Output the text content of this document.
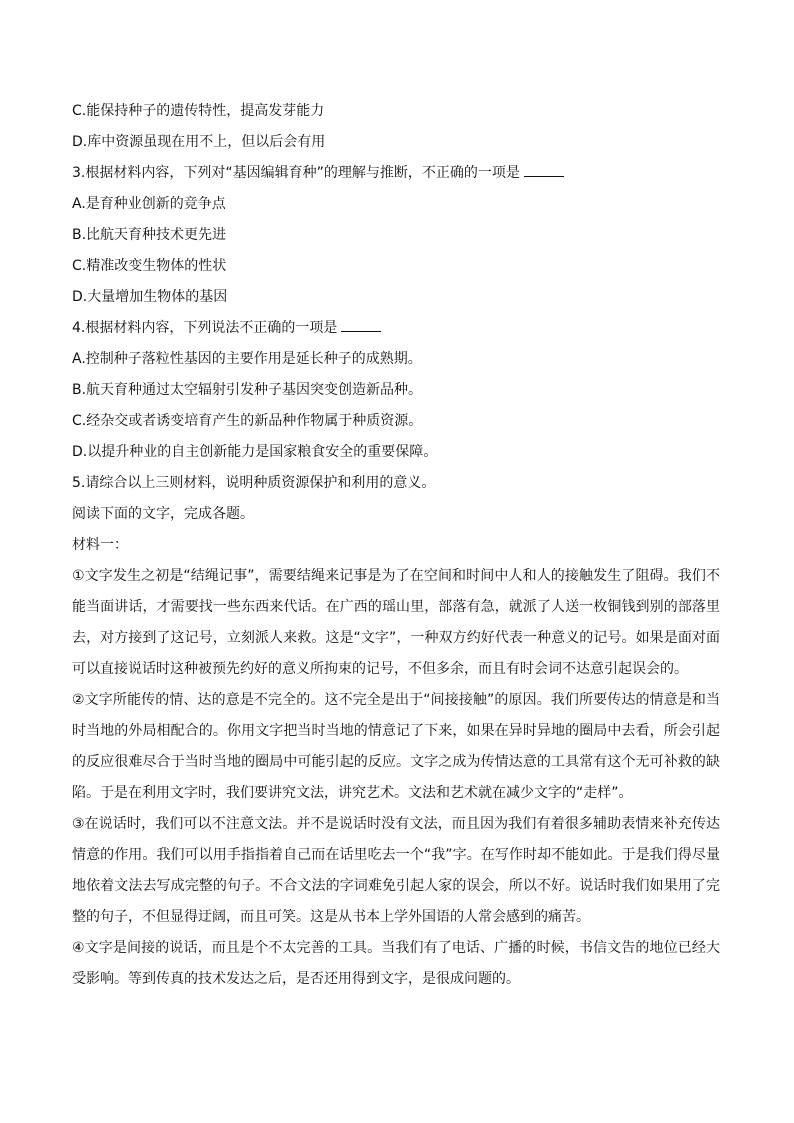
C.能保持种子的遗传特性，提高发芽能力
D.库中资源虽现在用不上，但以后会有用
3.根据材料内容，下列对“基因编辑育种”的理解与推断，不正确的一项是
A.是育种业创新的竞争点
B.比航天育种技术更先进
C.精准改变生物体的性状
D.大量增加生物体的基因
4.根据材料内容，下列说法不正确的一项是
A.控制种子落粒性基因的主要作用是延长种子的成熟期。
B.航天育种通过太空辐射引发种子基因突变创造新品种。
C.经杂交或者诱变培育产生的新品种作物属于种质资源。
D.以提升种业的自主创新能力是国家粮食安全的重要保障。
5.请综合以上三则材料，说明种质资源保护和利用的意义。
阅读下面的文字，完成各题。
材料一：
①文字发生之初是“结绳记事”，需要结绳来记事是为了在空间和时间中人和人的接触发生了阻碍。我们不能当面讲话，才需要找一些东西来代话。在广西的瑶山里，部落有急，就派了人送一枚铜钱到别的部落里去，对方接到了这记号，立刻派人来救。这是“文字”，一种双方约好代表一种意义的记号。如果是面对面可以直接说话时这种被预先约好的意义所拘束的记号，不但多余，而且有时会词不达意引起误会的。
②文字所能传的情、达的意是不完全的。这不完全是出于“间接接触”的原因。我们所要传达的情意是和当时当地的外局相配合的。你用文字把当时当地的情意记了下来，如果在异时异地的圈局中去看，所会引起的反应很难尽合于当时当地的圈局中可能引起的反应。文字之成为传情达意的工具常有这个无可补救的缺陷。于是在利用文字时，我们要讲究文法，讲究艺术。文法和艺术就在减少文字的“走样”。
③在说话时，我们可以不注意文法。并不是说话时没有文法，而且因为我们有着很多辅助表情来补充传达情意的作用。我们可以用手指指着自己而在话里吃去一个“我”字。在写作时却不能如此。于是我们得尽量地依着文法去写成完整的句子。不合文法的字词难免引起人家的误会，所以不好。说话时我们如果用了完整的句子，不但显得迂阔，而且可笑。这是从书本上学外国语的人常会感到的痛苦。
④文字是间接的说话，而且是个不太完善的工具。当我们有了电话、广播的时候，书信文告的地位已经大受影响。等到传真的技术发达之后，是否还用得到文字，是很成问题的。
